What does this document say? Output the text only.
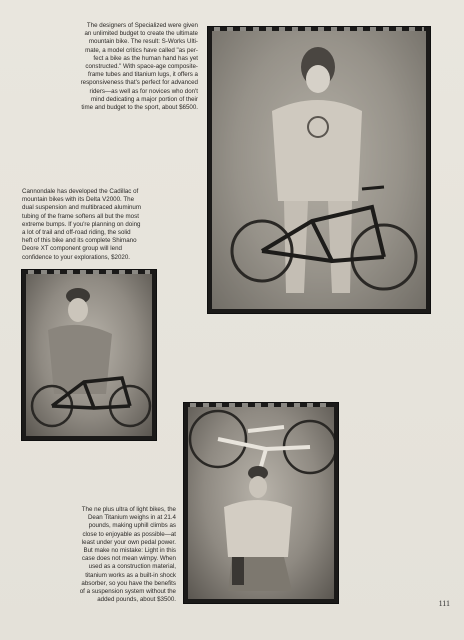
The designers of Specialized were given
an unlimited budget to create the ultimate
mountain bike. The result: S-Works Ulti-
mate, a model critics have called "as per-
fect a bike as the human hand has yet
constructed." With space-age composite-
frame tubes and titanium lugs, it offers a
responsiveness that's perfect for advanced
riders—as well as for novices who don't
mind dedicating a major portion of their
time and budget to the sport, about $6500.
Cannondale has developed the Cadillac of
mountain bikes with its Delta V2000. The
dual suspension and multibraced aluminum
tubing of the frame softens all but the most
extreme bumps. If you're planning on doing
a lot of trail and off-road riding, the solid
heft of this bike and its complete Shimano
Deore XT component group will lend
confidence to your explorations, $2020.
The ne plus ultra of light bikes, the
Dean Titanium weighs in at 21.4
pounds, making uphill climbs as
close to enjoyable as possible—at
least under your own pedal power.
But make no mistake: Light in this
case does not mean wimpy. When
used as a construction material,
titanium works as a built-in shock
absorber, so you have the benefits
of a suspension system without the
added pounds, about $3500.	111
